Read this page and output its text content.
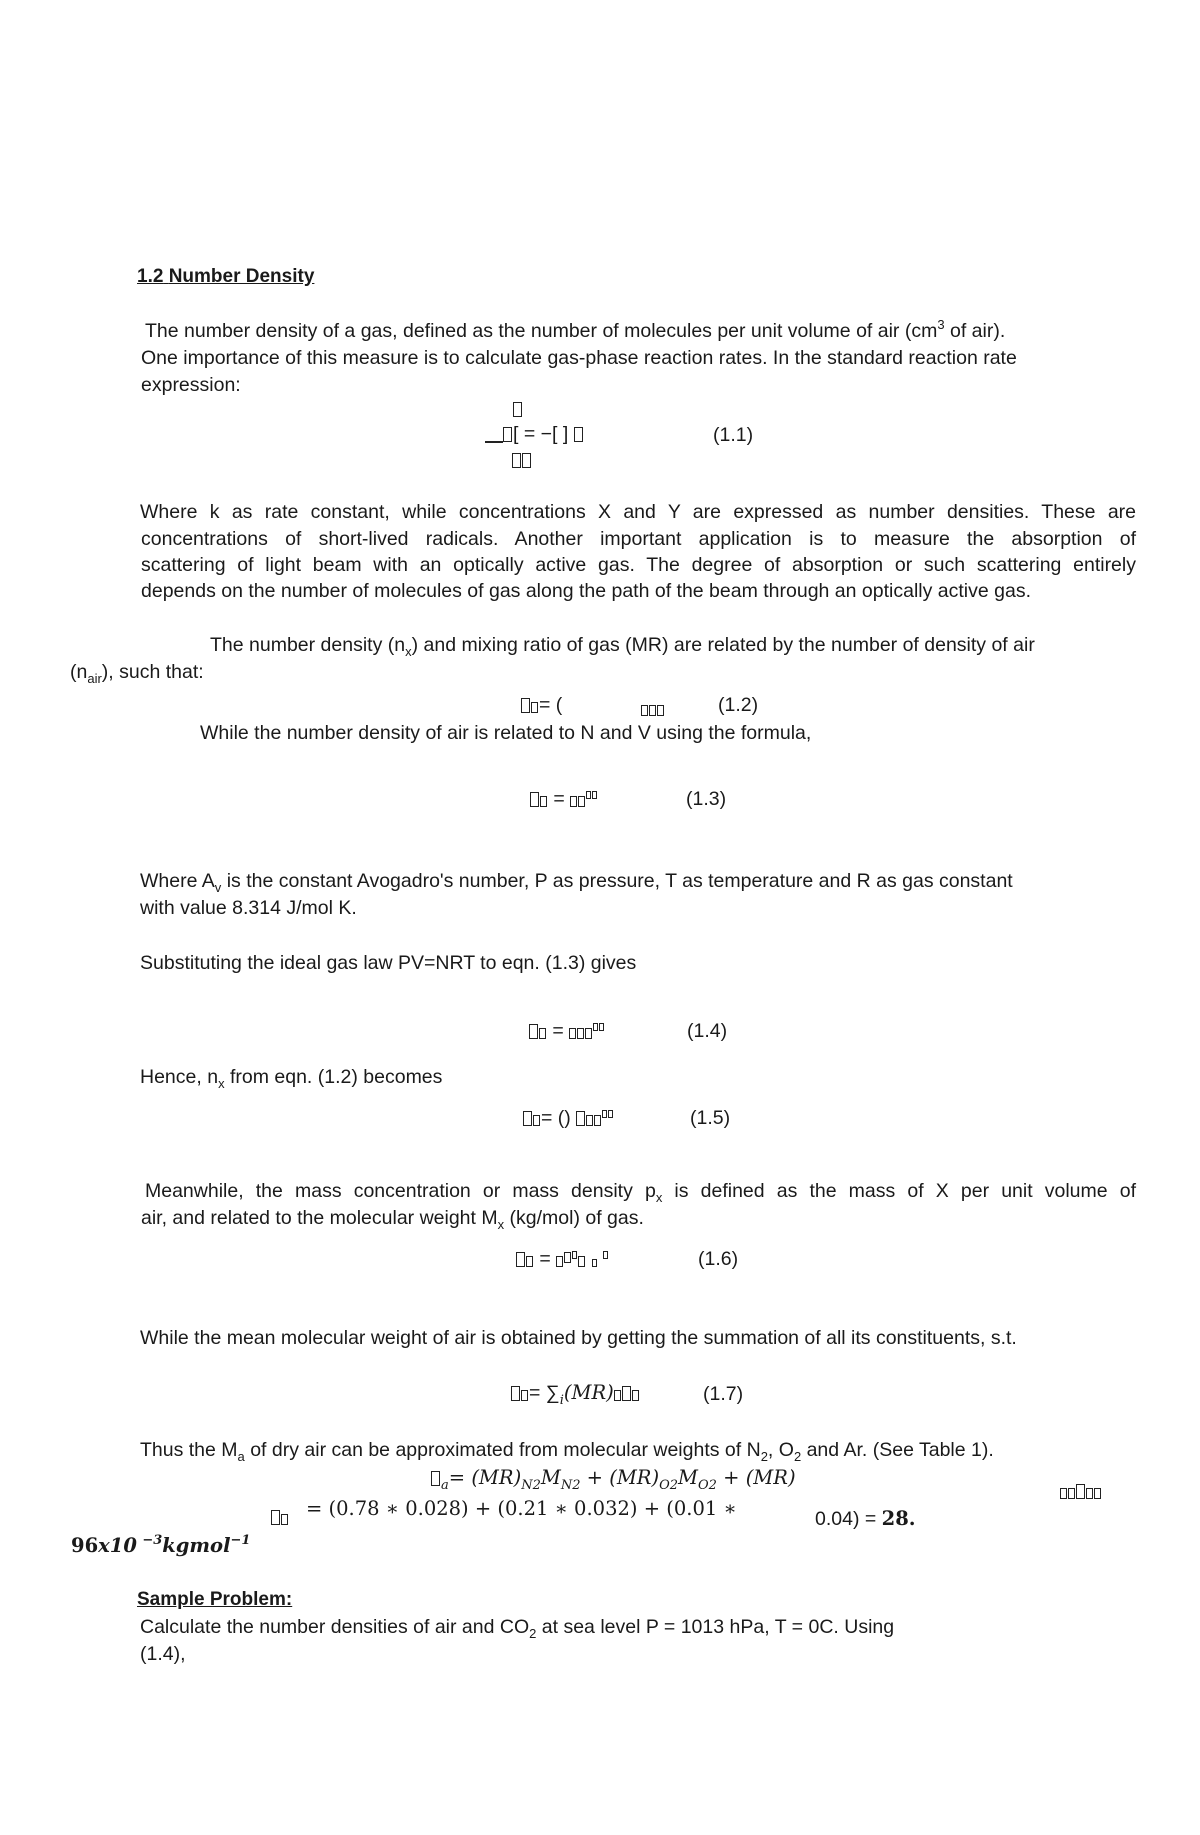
1.2 Number Density
The number density of a gas, defined as the number of molecules per unit volume of air ($cm^3$ of air).
One importance of this measure is to calculate gas-phase reaction rates. In the standard reaction rate
expression:
[ = −[ ]	(1.1)
Where k as rate constant, while concentrations X and Y are expressed as number densities. These are
concentrations of short-lived radicals. Another important application is to measure the absorption of
scattering of light beam with an optically active gas. The degree of absorption or such scattering entirely
depends on the number of molecules of gas along the path of the beam through an optically active gas.
The number density $(n_x)$ and mixing ratio of gas (MR) are related by the number of density of air
$(n_{air})$, such that:
= (	(1.2)
While the number density of air is related to N and V using the formula,
=	(1.3)
Where $A_v$ is the constant Avogadro's number, P as pressure, T as temperature and R as gas constant
with value 8.314 J/mol K.
Substituting the ideal gas law PV=NRT to eqn. (1.3) gives
=	(1.4)
Hence, $n_x$ from eqn. (1.2) becomes
= ()	(1.5)
Meanwhile, the mass concentration or mass density $p_x$ is defined as the mass of X per unit volume of
air, and related to the molecular weight $M_x$ (kg/mol) of gas.
=	(1.6)
While the mean molecular weight of air is obtained by getting the summation of all its constituents, s.t.
= $\sum_i(MR)$	(1.7)
Thus the $M_a$ of dry air can be approximated from molecular weights of $N_2$, $O_2$ and Ar. (See Table 1).
$_a= (MR)_{N2}M_{N2} + (MR)_{O2}M_{O2} + (MR)$
= (0.78 ∗ 0.028) + (0.21 ∗ 0.032) + (0.01 ∗	0.04) = 28.
96x10 $^{-3}$kgmol$^{-1}$
Sample Problem:
Calculate the number densities of air and $CO_2$ at sea level P = 1013 hPa, T = 0C. Using
(1.4),
